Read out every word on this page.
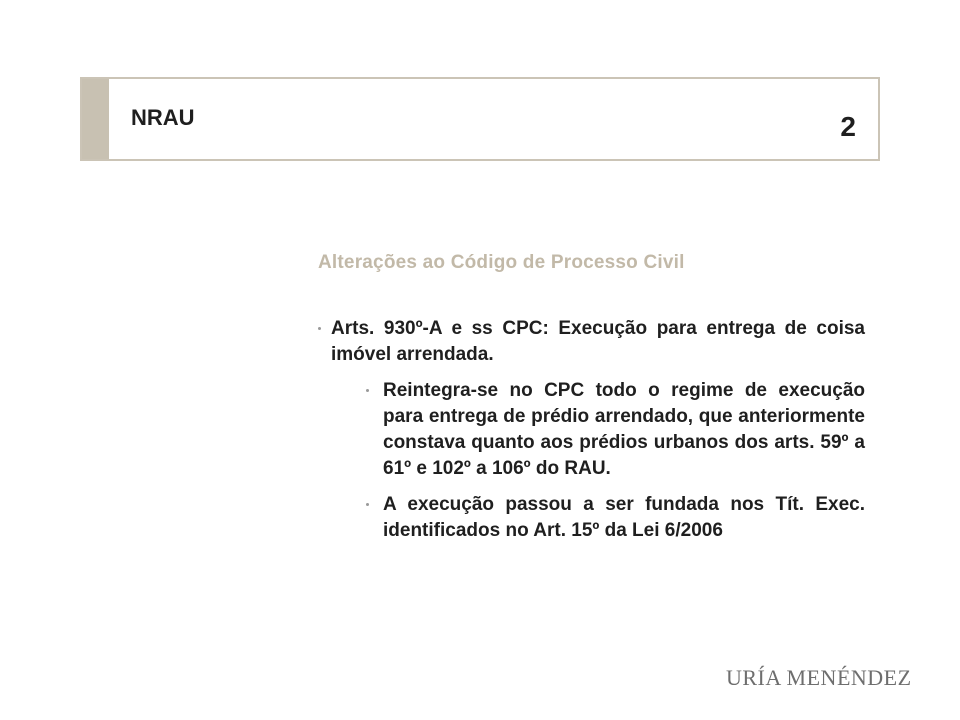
NRAU	2
Alterações ao Código de Processo Civil
Arts. 930º-A e ss CPC: Execução para entrega de coisa imóvel arrendada.
Reintegra-se no CPC todo o regime de execução para entrega de prédio arrendado, que anteriormente constava quanto aos prédios urbanos dos arts. 59º a 61º e 102º a 106º do RAU.
A execução passou a ser fundada nos Tít. Exec. identificados no Art. 15º da Lei 6/2006
URÍA MENÉNDEZ
